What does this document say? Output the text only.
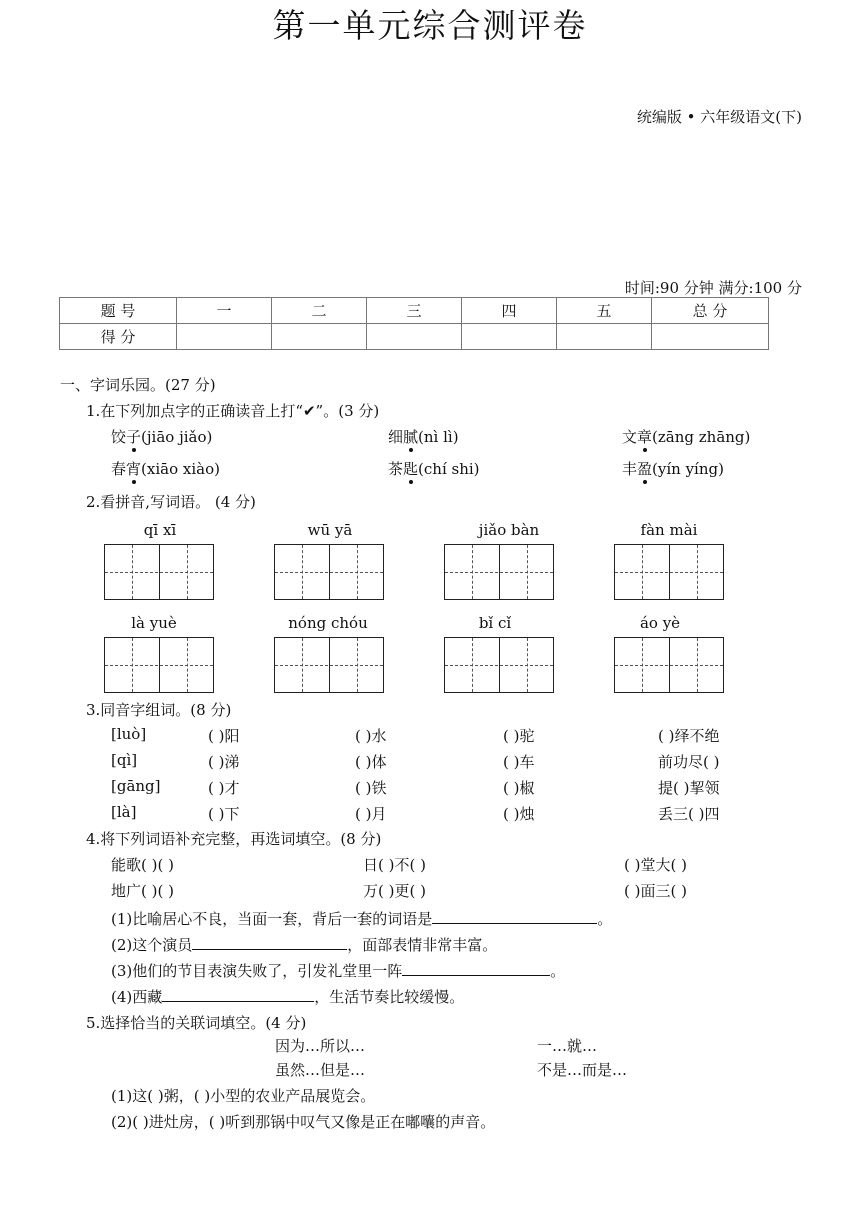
统编版 • 六年级语文(下)
第一单元综合测评卷
时间:90 分钟 满分:100 分
题 号	一	二	三	四	五	总 分
得 分						
一、字词乐园。(27 分)
1.在下列加点字的正确读音上打“✔”。(3 分)
饺子(jiāo jiǎo)	细腻(nì lì)	文章(zāng zhāng)
春宵(xiāo xiào)	茶匙(chí shi)	丰盈(yín yíng)
2.看拼音,写词语。 (4 分)
qī xī	wū yā	jiǎo bàn	fàn mài
là yuè	nóng chóu	bǐ cǐ	áo yè
3.同音字组词。(8 分)
[luò]	( )阳	( )水	( )驼	( )绎不绝
[qì]	( )涕	( )体	( )车	前功尽( )
[gāng]	( )才	( )铁	( )椒	提( )挈领
[là]	( )下	( )月	( )烛	丢三( )四
4.将下列词语补充完整，再选词填空。(8 分)
能歌( )( )	日( )不( )	( )堂大( )
地广( )( )	万( )更( )	( )面三( )
(1)比喻居心不良，当面一套，背后一套的词语是	。
(2)这个演员	，面部表情非常丰富。
(3)他们的节目表演失败了，引发礼堂里一阵	。
(4)西藏	，生活节奏比较缓慢。
5.选择恰当的关联词填空。(4 分)
因为…所以…	一…就…
虽然…但是…	不是…而是…
(1)这( )粥，( )小型的农业产品展览会。
(2)( )进灶房，( )听到那锅中叹气又像是正在嘟囔的声音。
